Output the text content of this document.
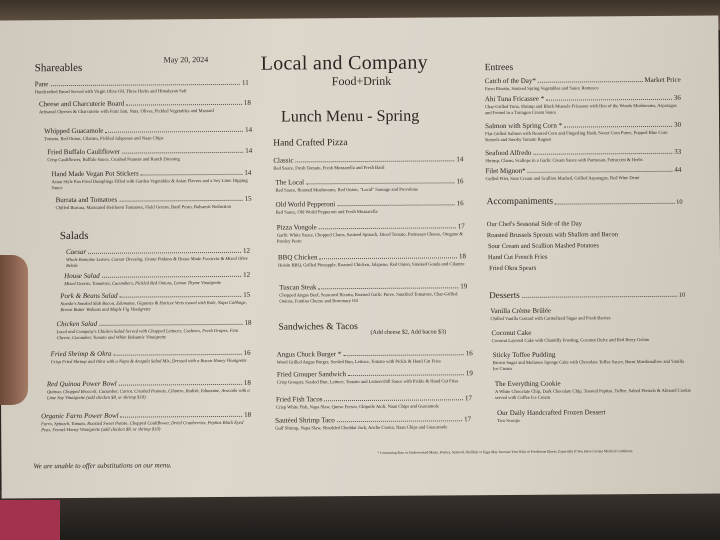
Shareables
May 20, 2024
Pane	11
Handcrafted Bread Served with Virgin Olive Oil, Three Herbs and Himalayan Salt
Cheese and Charcuterie Board	18
Artisanal Cheeses & Charcuterie with Fruit Jam, Nuts, Olives, Pickled Vegetables and Mustard
Whipped Guacamole	14
Tomato, Red Onion, Cilantro, Pickled Jalapenos and Naan Chips
Fried Buffalo Cauliflower	14
Crisp Cauliflower, Buffalo Sauce, Crushed Peanuts and Ranch Dressing
Hand Made Vegan Pot Stickers	14
Asian Style Pan Fried Dumplings Filled with Garden Vegetables & Asian Flavors and a Soy Lime Dipping Sauce
Burrata and Tomatoes	15
Chilled Burrata, Marinated Heirloom Tomatoes, Field Greens, Basil Pesto, Balsamic Reduction
Salads
Caesar	12
Whole Romaine Leaves, Caesar Dressing, Grana Padano & House Made Focaccia & Mixed Olive Relish
House Salad	12
Mixed Greens, Tomatoes, Cucumbers, Pickled Red Onions, Lemon Thyme Vinaigrette
Pork & Beans Salad	15
Nueske's Smoked Slab Bacon, Edamame, Gigantes & Haricot Verts tossed with Kale, Napa Cabbage, Brown Butter Walnuts and Maple Fig Vinaigrette
Chicken Salad	18
Local and Company's Chicken Salad Served with Chopped Lettuces, Cashews, Fresh Grapes, Feta Cheese, Cucumber, Tomato and White Balsamic Vinaigrette
Fried Shrimp & Okra	16
Crisp Fried Shrimp and Okra with a Napa & Arugula Salad Mix, Dressed with a Bacon Honey Vinaigrette
Red Quinoa Power Bowl	18
Quinoa, Chopped Broccoli, Cucumber, Carrot, Crushed Peanuts, Cilantro, Radish, Edamame, Avocado with a Lime Soy Vinaigrette (add chicken $8, or shrimp $10)
Organic Farro Power Bowl	18
Farro, Spinach, Tomato, Roasted Sweet Potato, Chopped Cauliflower, Dried Cranberries, Pepitas Black Eyed Peas, Fennel-Honey Vinaigrette (add chicken $8, or shrimp $10)
We are unable to offer substitutions on our menu.
Local and Company
Food+Drink
Lunch Menu - Spring
Hand Crafted Pizza
Classic	14
Red Sauce, Fresh Tomato, Fresh Mozzarella and Fresh Basil
The Local	16
Red Sauce, Roasted Mushrooms, Red Onion, "Local" Sausage and Provolone
Old World Pepperoni	16
Red Sauce, Old World Pepperoni and Fresh Mozzarella
Pizza Vongole	17
Garlic White Sauce, Chopped Clams, Sauteed Spinach, Diced Tomato, Parmesan Cheese, Oregano & Parsley Pesto
BBQ Chicken	18
Hoisin BBQ, Grilled Pineapple, Roasted Chicken, Jalapeno, Red Onion, Smoked Gouda and Cilantro
Tuscan Steak	19
Chopped Angus Beef, Seasoned Ricotta, Roasted Garlic Puree, Sundried Tomatoes, Char-Grilled Onions, Fontina Cheese and Rosemary Oil
Sandwiches & Tacos
(Add cheese $2, Add bacon $3)
Angus Chuck Burger *	16
Wood Grilled Angus Burger, Seeded Bun, Lettuce, Tomato with Pickle & Hand Cut Fries
Fried Grouper Sandwich	19
Crisp Grouper, Seeded Bun, Lettuce, Tomato and Lemon-Dill Sauce with Pickle & Hand Cut Fries
Fried Fish Tacos	17
Crisp White Fish, Napa Slaw, Queso Fresco, Chipotle Aioli, Naan Chips and Guacamole
Sautéed Shrimp Taco	17
Gulf Shrimp, Napa Slaw, Shredded Cheddar Jack, Ancho Crema, Naan Chips and Guacamole
* Consuming Raw or Undercooked Meats, Poultry, Seafood, Shellfish or Eggs May Increase Your Risk of Foodborne Illness, Especially If You Have Certain Medical Conditions.
Entrees
Catch of the Day*	Market Price
Farro Risotto, Sauteed Spring Vegetables and Sauce Romesco
Ahi Tuna Fricassee *	36
Char-Grilled Tuna, Shrimp and Black Mussels Fricassee with Hen of the Woods Mushrooms, Asparagus and Fennel in a Tarragon Cream Sauce
Salmon with Spring Corn *	30
Flat Grilled Salmon with Roasted Corn and Fingerling Hash, Sweet Corn Puree, Popped Blue Corn Kernels and Smoky Tomato Ragout
Seafood Alfredo	33
Shrimp, Clams, Scallops in a Garlic Cream Sauce with Parmesan, Fettuccini & Herbs
Filet Mignon*	44
Grilled Filet, Sour Cream and Scallion Mashed, Grilled Asparagus, Red Wine Demi
Accompaniments	10
Our Chef's Seasonal Side of the Day
Roasted Brussels Sprouts with Shallots and Bacon
Sour Cream and Scallion Mashed Potatoes
Hand Cut French Fries
Fried Okra Spears
Desserts	10
Vanilla Crème Brûlée
Chilled Vanilla Custard with Carmelized Sugar and Fresh Berries
Coconut Cake
Coconut Layered Cake with Chantilly Frosting, Coconut Dulce and Red Berry Gelato
Sticky Toffee Pudding
Brown Sugar and Molasses Sponge Cake with Chocolate Toffee Sauce, Burnt Marshmallow and Vanilla Ice Cream
The Everything Cookie
A White Chocolate Chip, Dark Chocolate Chip, Toasted Pepitas, Toffee, Salted Pretzels & Almond Cookie served with Coffee Ice Cream
Our Daily Handcrafted Frozen Dessert
Two Scoops
